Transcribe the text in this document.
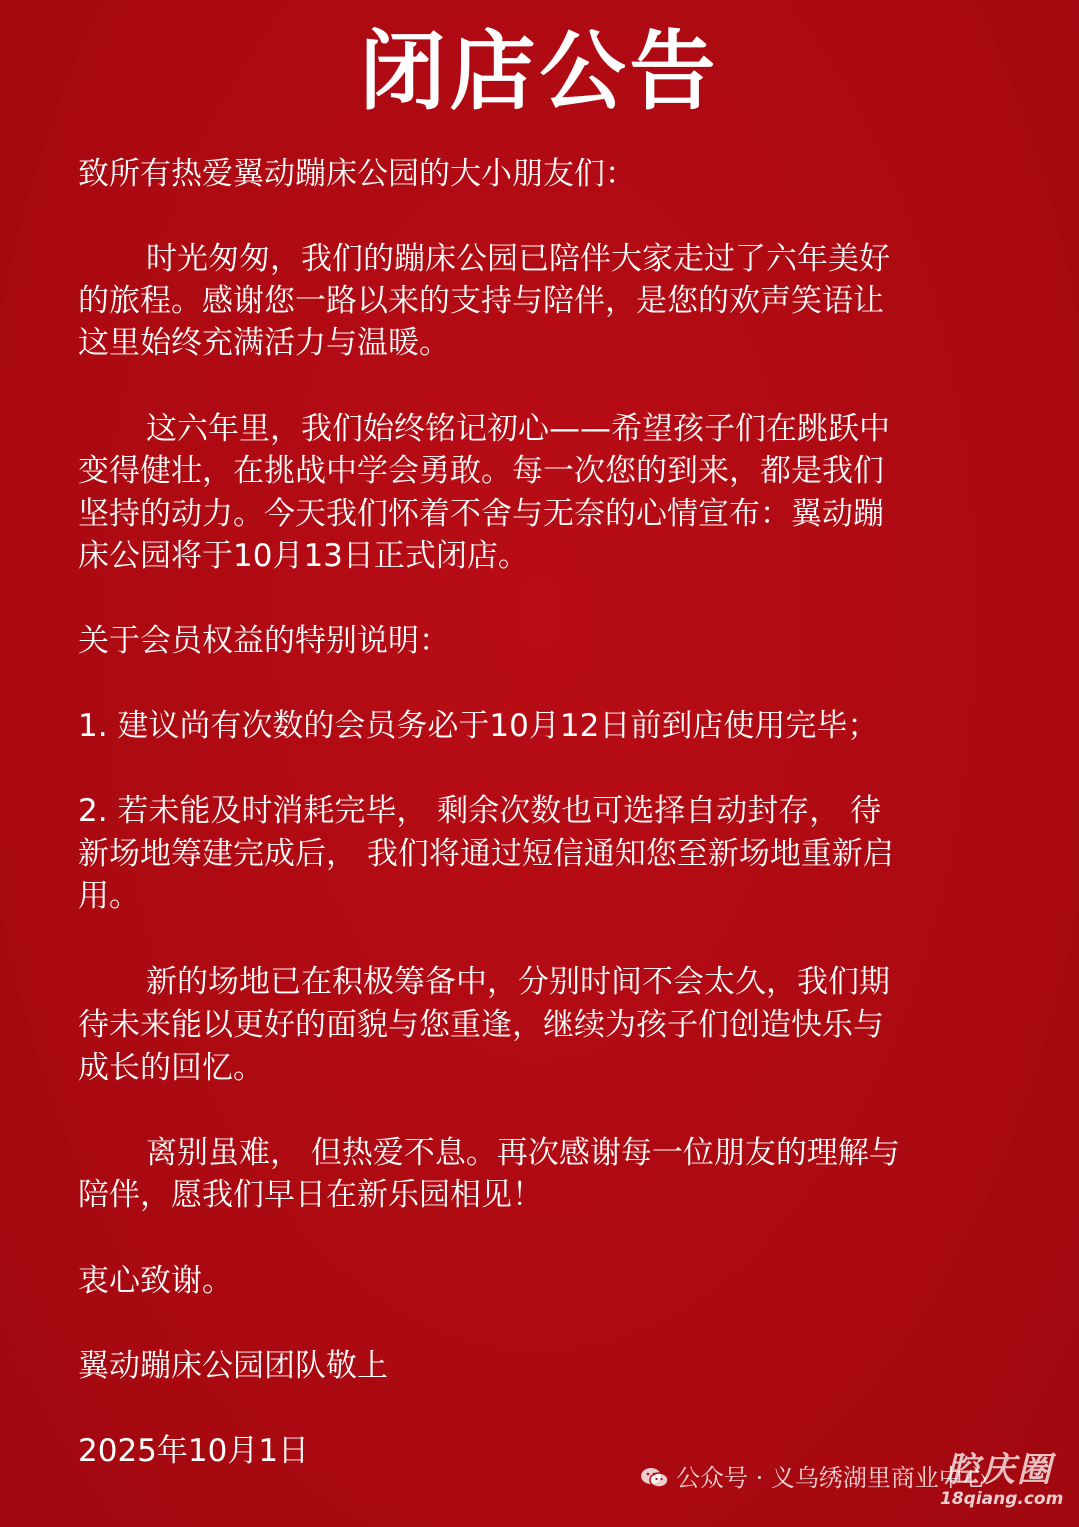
闭店公告

致所有热爱翼动蹦床公园的大小朋友们：

时光匆匆，我们的蹦床公园已陪伴大家走过了六年美好

的旅程。感谢您一路以来的支持与陪伴，是您的欢声笑语让

这里始终充满活力与温暖。

这六年里，我们始终铭记初心——希望孩子们在跳跃中

变得健壮，在挑战中学会勇敢。每一次您的到来，都是我们

坚持的动力。今天我们怀着不舍与无奈的心情宣布：翼动蹦

床公园将于10月13日正式闭店。

关于会员权益的特别说明：

1. 建议尚有次数的会员务必于10月12日前到店使用完毕；

2. 若未能及时消耗完毕， 剩余次数也可选择自动封存， 待

新场地筹建完成后， 我们将通过短信通知您至新场地重新启

用。

新的场地已在积极筹备中，分别时间不会太久，我们期

待未来能以更好的面貌与您重逢，继续为孩子们创造快乐与

成长的回忆。

离别虽难， 但热爱不息。再次感谢每一位朋友的理解与

陪伴，愿我们早日在新乐园相见！

衷心致谢。

翼动蹦床公园团队敬上

2025年10月1日

公众号 · 义乌绣湖里商业中心
腔庆圈
18qiang.com
